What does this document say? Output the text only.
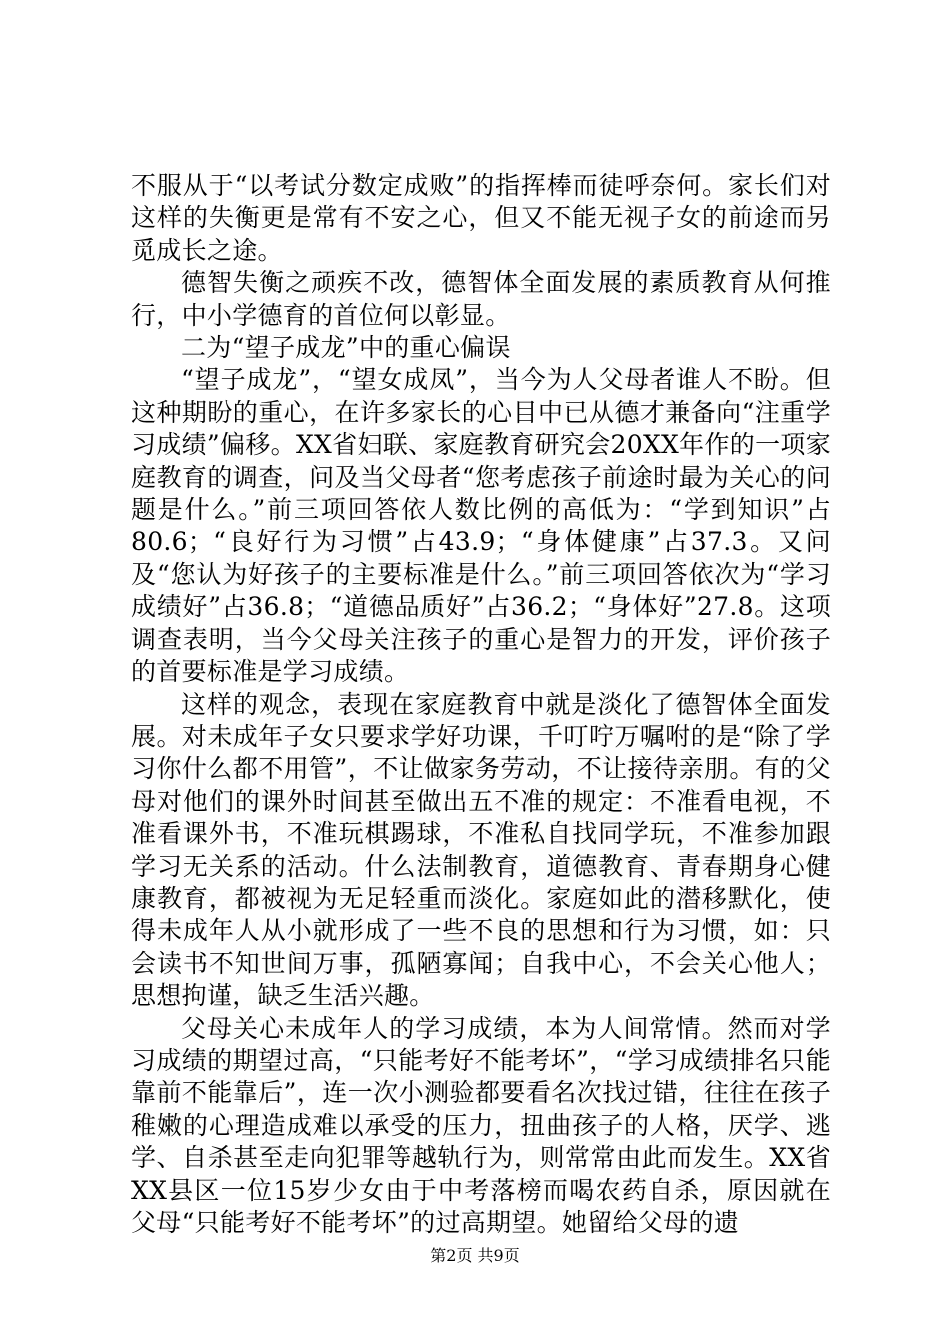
不服从于“以考试分数定成败”的指挥棒而徒呼奈何。家长们对这样的失衡更是常有不安之心，但又不能无视子女的前途而另觅成长之途。

德智失衡之顽疾不改，德智体全面发展的素质教育从何推行，中小学德育的首位何以彰显。

二为“望子成龙”中的重心偏误

“望子成龙”，“望女成凤”，当今为人父母者谁人不盼。但这种期盼的重心，在许多家长的心目中已从德才兼备向“注重学习成绩”偏移。XX省妇联、家庭教育研究会20XX年作的一项家庭教育的调查，问及当父母者“您考虑孩子前途时最为关心的问题是什么。”前三项回答依人数比例的高低为：“学到知识”占80.6；“良好行为习惯”占43.9；“身体健康”占37.3。又问及“您认为好孩子的主要标准是什么。”前三项回答依次为“学习成绩好”占36.8；“道德品质好”占36.2；“身体好”27.8。这项调查表明，当今父母关注孩子的重心是智力的开发，评价孩子的首要标准是学习成绩。

这样的观念，表现在家庭教育中就是淡化了德智体全面发展。对未成年子女只要求学好功课，千叮咛万嘱咐的是“除了学习你什么都不用管”，不让做家务劳动，不让接待亲朋。有的父母对他们的课外时间甚至做出五不准的规定：不准看电视，不准看课外书，不准玩棋踢球，不准私自找同学玩，不准参加跟学习无关系的活动。什么法制教育，道德教育、青春期身心健康教育，都被视为无足轻重而淡化。家庭如此的潜移默化，使得未成年人从小就形成了一些不良的思想和行为习惯，如：只会读书不知世间万事，孤陋寡闻；自我中心，不会关心他人；思想拘谨，缺乏生活兴趣。

父母关心未成年人的学习成绩，本为人间常情。然而对学习成绩的期望过高，“只能考好不能考坏”，“学习成绩排名只能靠前不能靠后”，连一次小测验都要看名次找过错，往往在孩子稚嫩的心理造成难以承受的压力，扭曲孩子的人格，厌学、逃学、自杀甚至走向犯罪等越轨行为，则常常由此而发生。XX省XX县区一位15岁少女由于中考落榜而喝农药自杀，原因就在父母“只能考好不能考坏”的过高期望。她留给父母的遗

第2页 共9页
